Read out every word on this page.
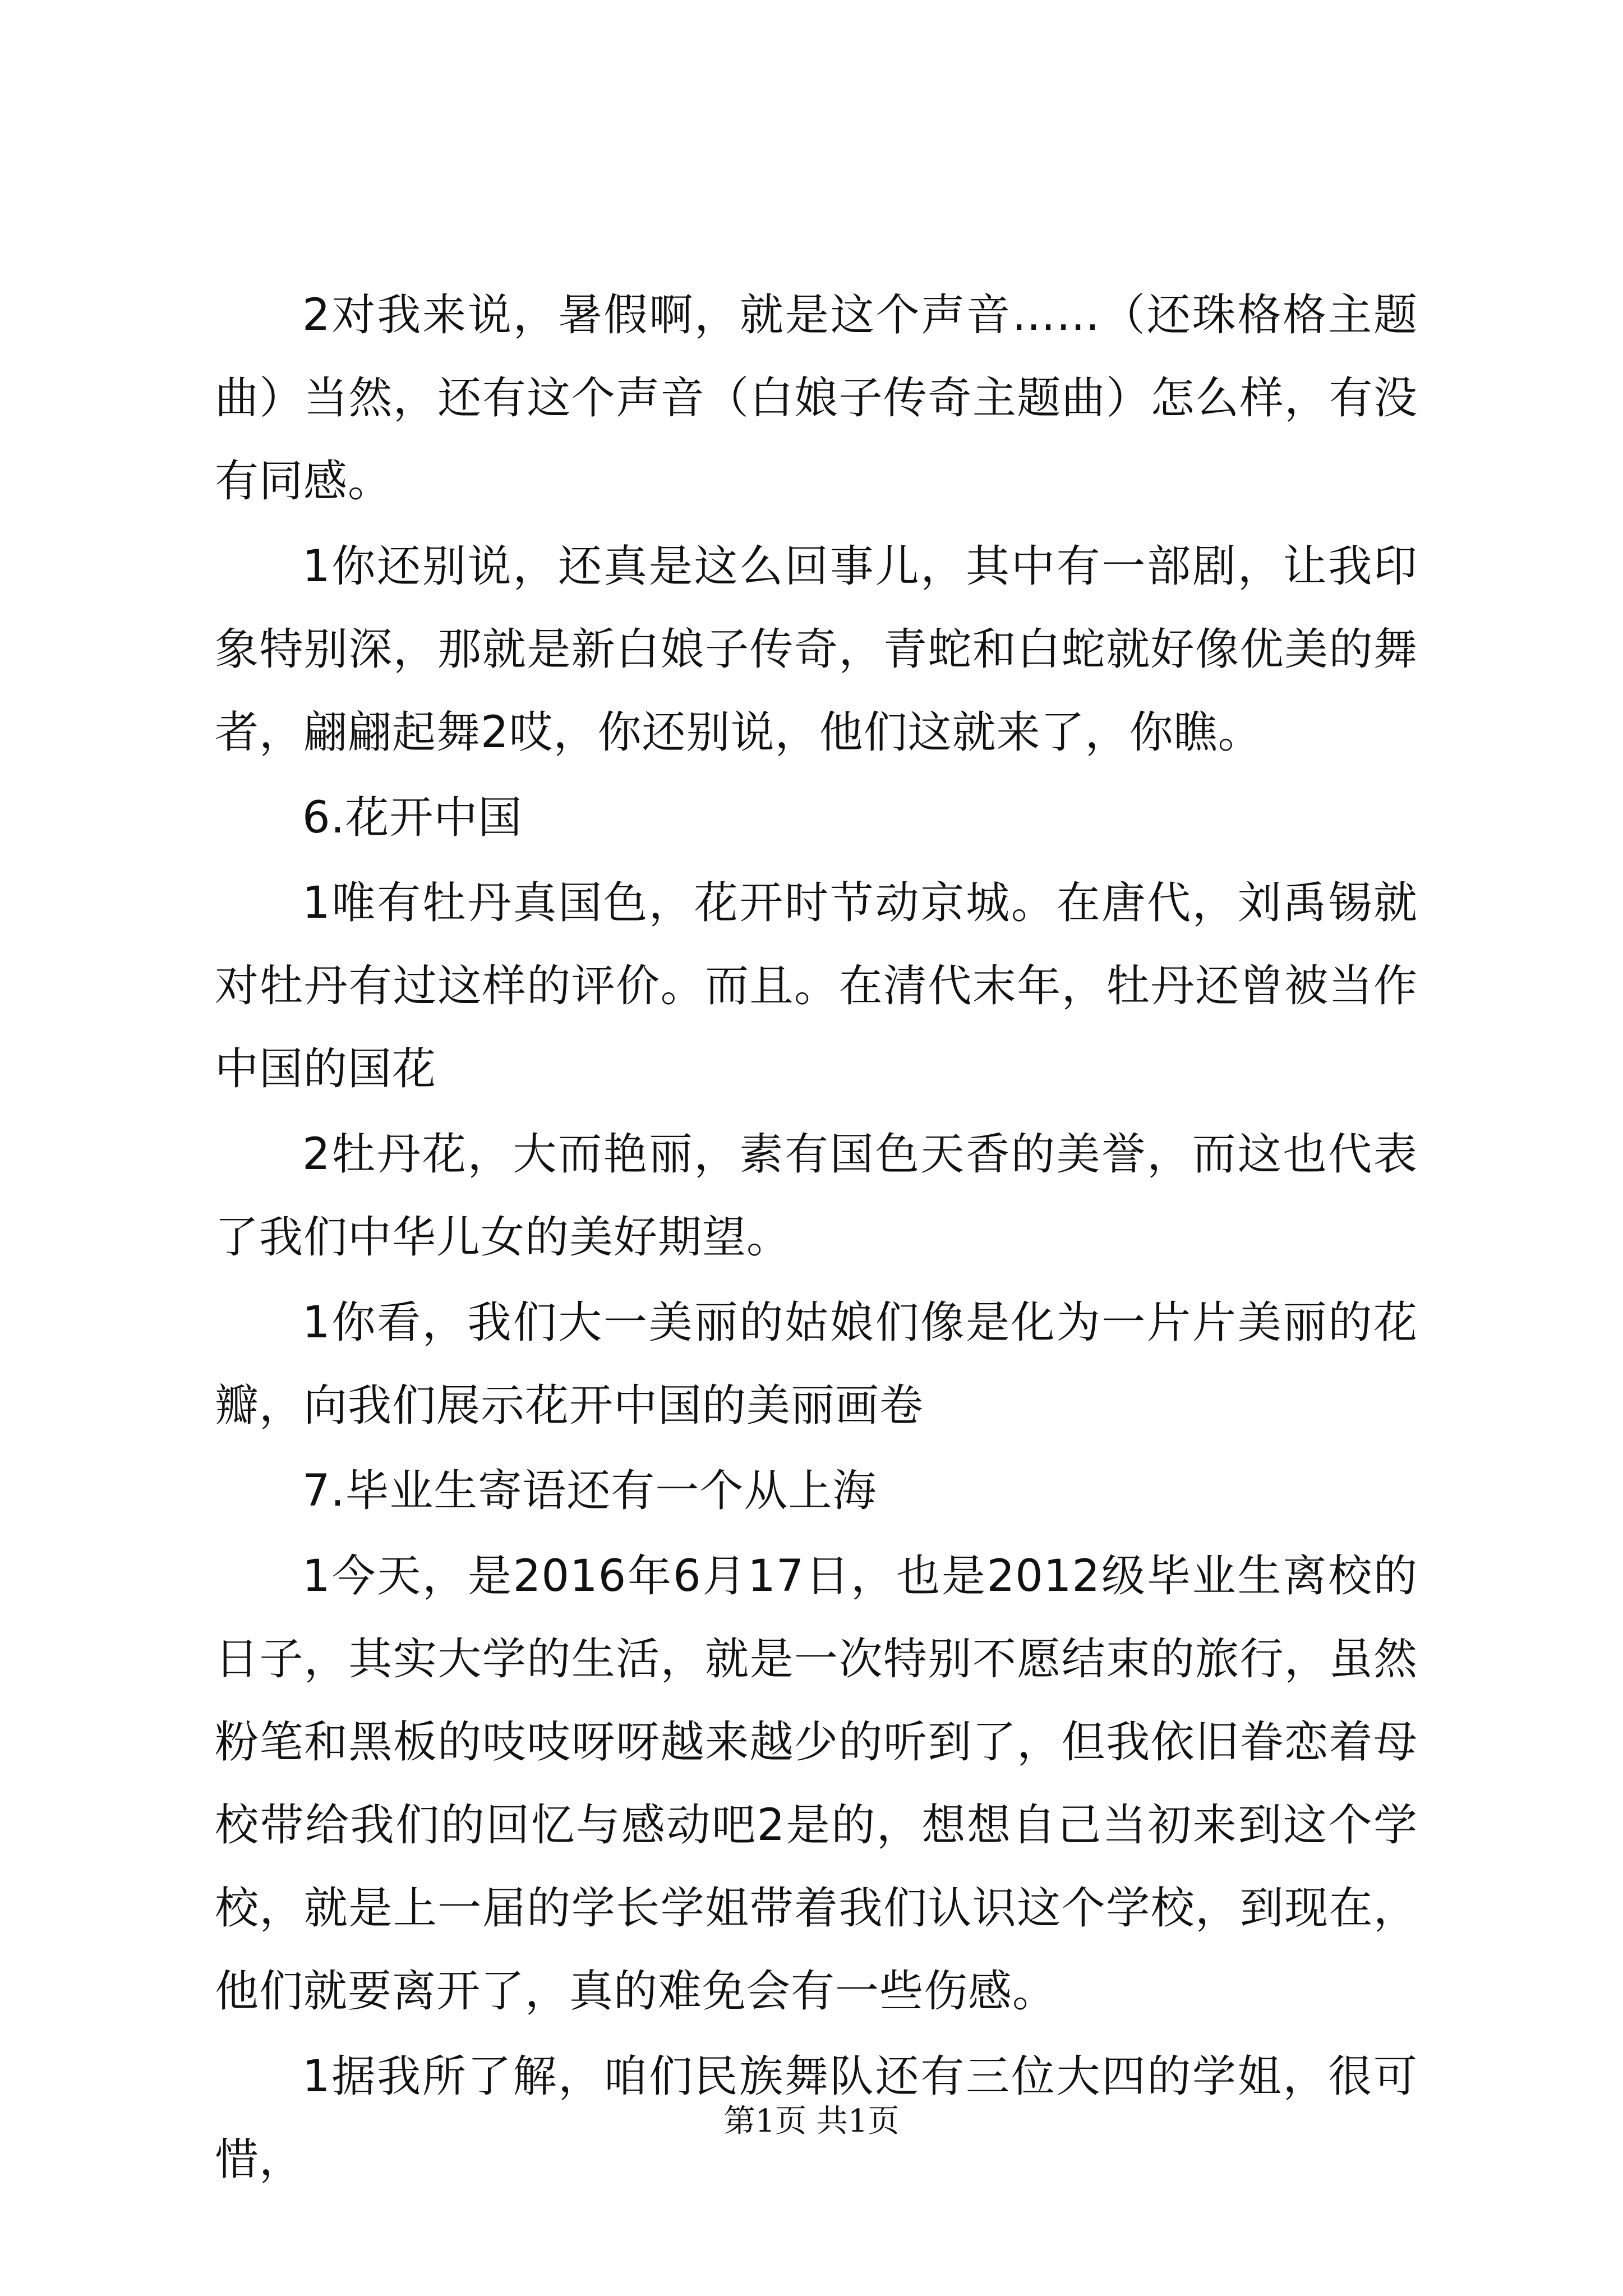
2对我来说，暑假啊，就是这个声音……（还珠格格主题曲）当然，还有这个声音（白娘子传奇主题曲）怎么样，有没有同感。

1你还别说，还真是这么回事儿，其中有一部剧，让我印象特别深，那就是新白娘子传奇，青蛇和白蛇就好像优美的舞者，翩翩起舞2哎，你还别说，他们这就来了，你瞧。

6.花开中国

1唯有牡丹真国色，花开时节动京城。在唐代，刘禹锡就对牡丹有过这样的评价。而且。在清代末年，牡丹还曾被当作中国的国花

2牡丹花，大而艳丽，素有国色天香的美誉，而这也代表了我们中华儿女的美好期望。

1你看，我们大一美丽的姑娘们像是化为一片片美丽的花瓣，向我们展示花开中国的美丽画卷

7.毕业生寄语还有一个从上海

1今天，是2016年6月17日，也是2012级毕业生离校的日子，其实大学的生活，就是一次特别不愿结束的旅行，虽然粉笔和黑板的吱吱呀呀越来越少的听到了，但我依旧眷恋着母校带给我们的回忆与感动吧2是的，想想自己当初来到这个学校，就是上一届的学长学姐带着我们认识这个学校，到现在，他们就要离开了，真的难免会有一些伤感。

1据我所了解，咱们民族舞队还有三位大四的学姐，很可惜，

第1页 共1页
